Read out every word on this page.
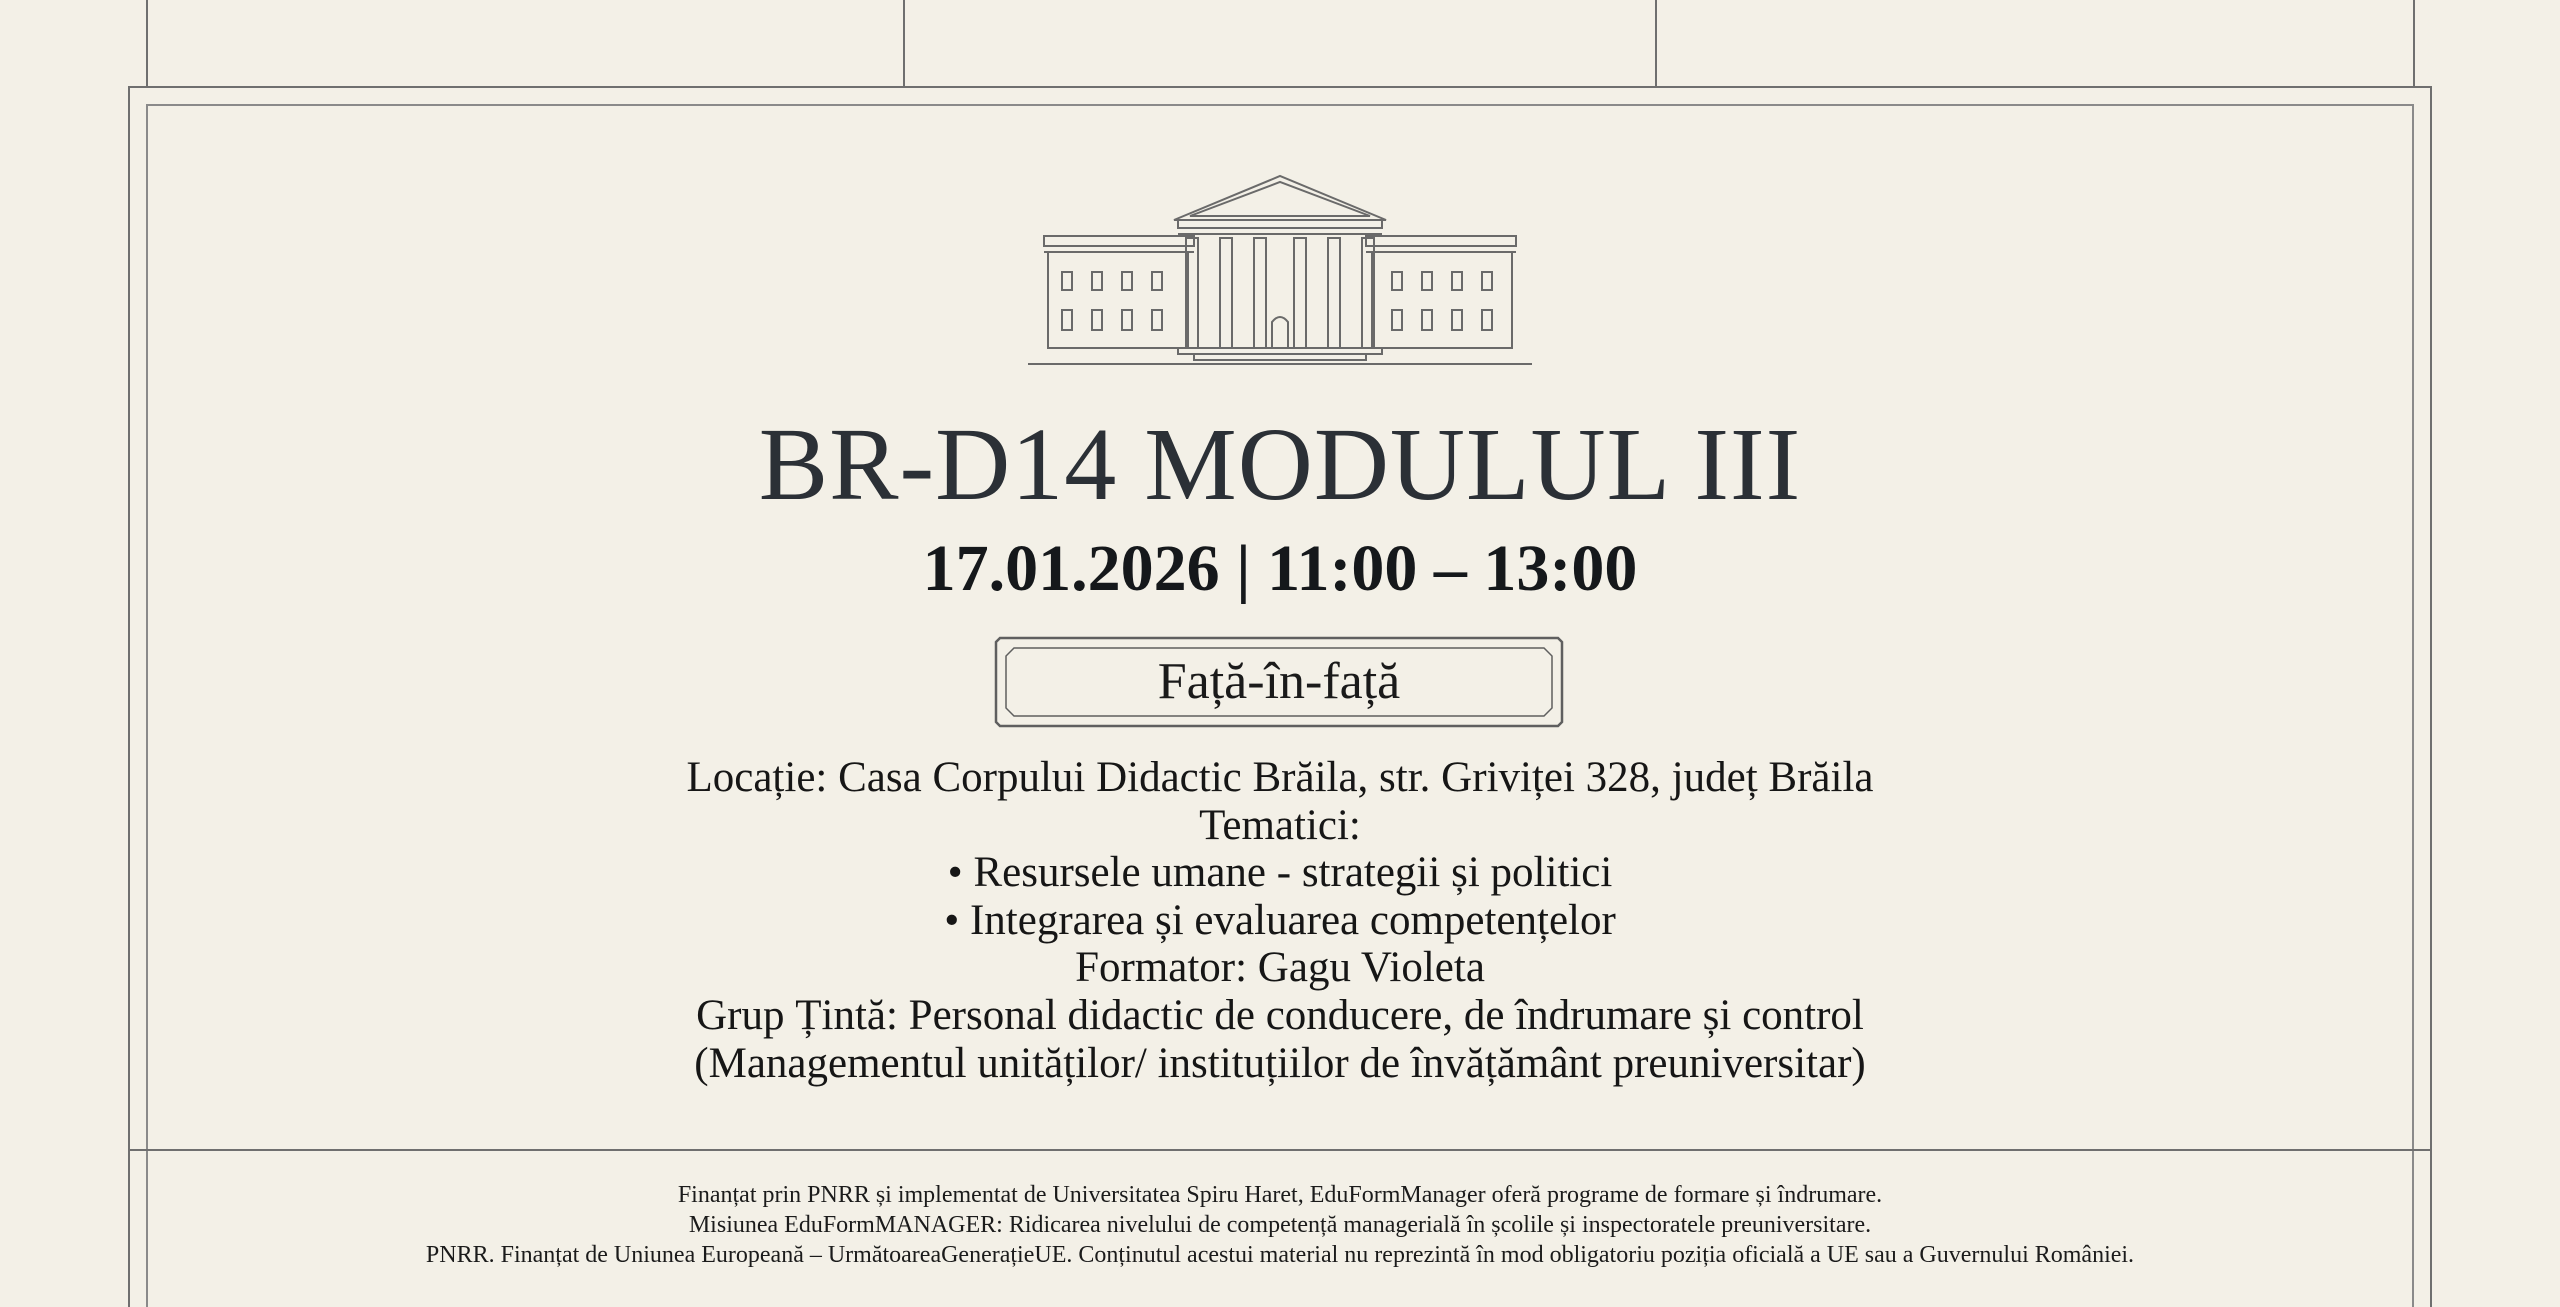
BR-D14 MODULUL III
17.01.2026 | 11:00 – 13:00
Față-în-față
Locație: Casa Corpului Didactic Brăila, str. Griviței 328, județ Brăila
Tematici:
• Resursele umane - strategii și politici
• Integrarea și evaluarea competențelor
Formator: Gagu Violeta
Grup Țintă: Personal didactic de conducere, de îndrumare și control
(Managementul unităților/ instituțiilor de învățământ preuniversitar)
Finanțat prin PNRR și implementat de Universitatea Spiru Haret, EduFormManager oferă programe de formare și îndrumare.
Misiunea EduFormMANAGER: Ridicarea nivelului de competență managerială în școlile și inspectoratele preuniversitare.
PNRR. Finanțat de Uniunea Europeană – UrmătoareaGenerațieUE. Conținutul acestui material nu reprezintă în mod obligatoriu poziția oficială a UE sau a Guvernului României.
